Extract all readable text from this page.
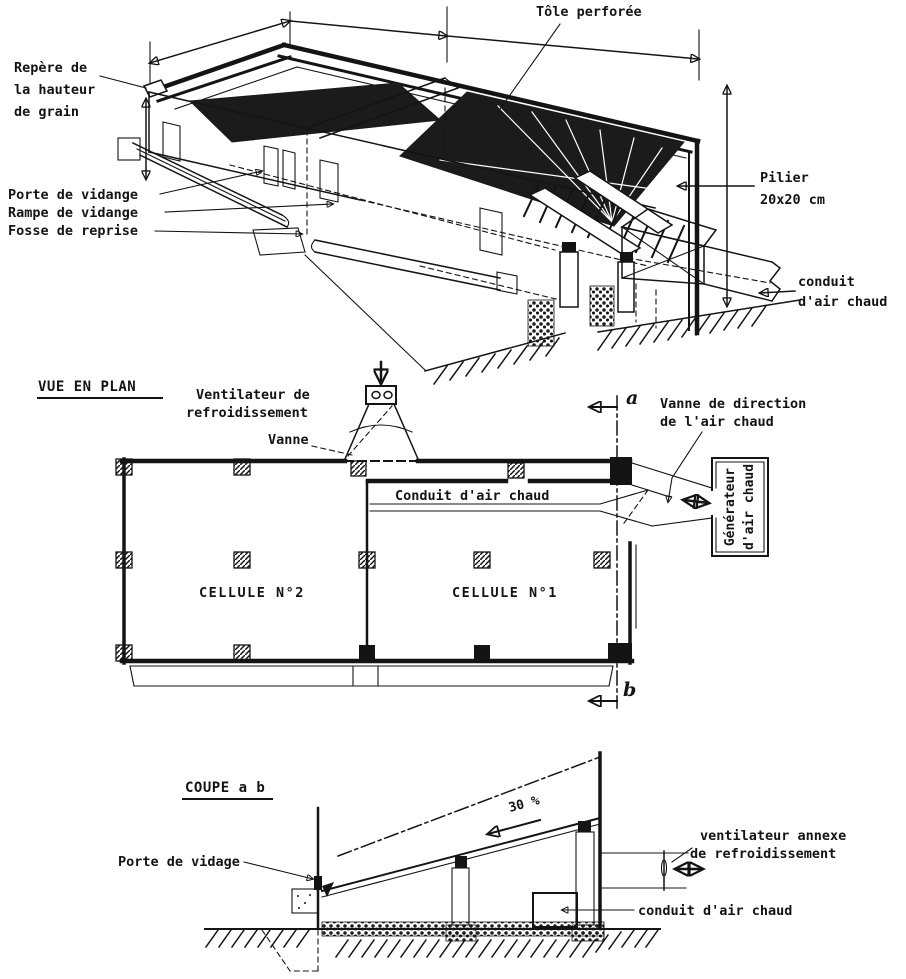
Tôle perforée
Repère de
la hauteur
de grain
Porte de vidange
Rampe de vidange
Fosse de reprise
Pilier
20x20 cm
conduit
d'air chaud
VUE EN PLAN
Conduit d'air chaud	Générateur d'air chaud
Vanne de direction
de l'air chaud
a
b
Ventilateur de
refroidissement
Vanne
CELLULE N°2	CELLULE N°1
COUPE a b
30 %
Porte de vidage
ventilateur annexe
de refroidissement
conduit d'air chaud
